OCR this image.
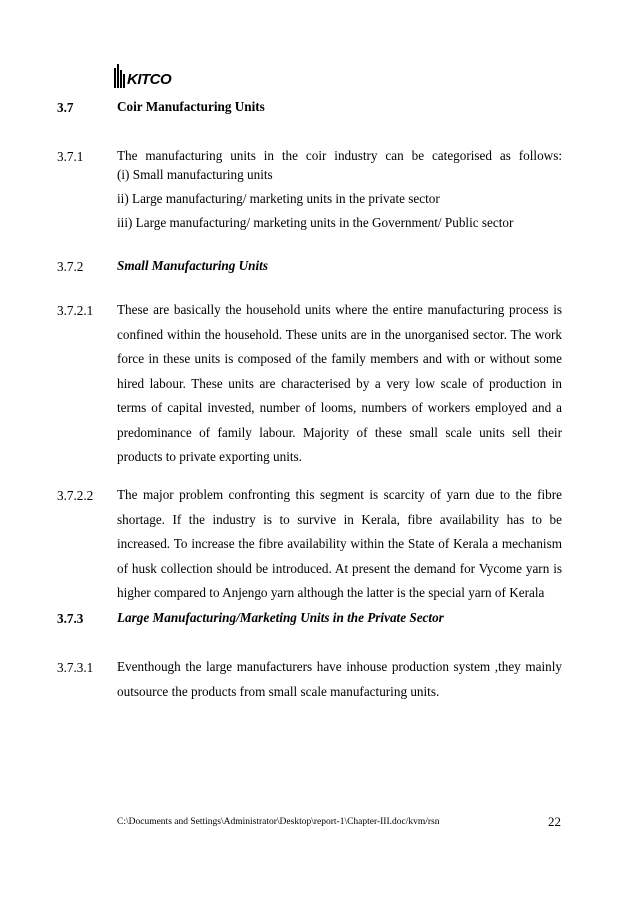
KITCO
3.7	Coir Manufacturing Units
3.7.1	The manufacturing units in the coir industry can be categorised as follows:
(i) Small manufacturing units
ii) Large manufacturing/ marketing units in the private sector
iii) Large manufacturing/ marketing units in the Government/ Public sector
3.7.2	Small Manufacturing Units
3.7.2.1 These are basically the household units where the entire manufacturing process is confined within the household. These units are in the unorganised sector. The work force in these units is composed of the family members and with or without some hired labour. These units are characterised by a very low scale of production in terms of capital invested, number of looms, numbers of workers employed and a predominance of family labour. Majority of these small scale units sell their products to private exporting units.
3.7.2.2 The major problem confronting this segment is scarcity of yarn due to the fibre shortage. If the industry is to survive in Kerala, fibre availability has to be increased. To increase the fibre availability within the State of Kerala a mechanism of husk collection should be introduced. At present the demand for Vycome yarn is higher compared to Anjengo yarn although the latter is the special yarn of Kerala
3.7.3	Large Manufacturing/Marketing Units in the Private Sector
3.7.3.1 Eventhough the large manufacturers have inhouse production system ,they mainly outsource the products from small scale manufacturing units.
C:\Documents and Settings\Administrator\Desktop\report-1\Chapter-III.doc/kvm/rsn	22
